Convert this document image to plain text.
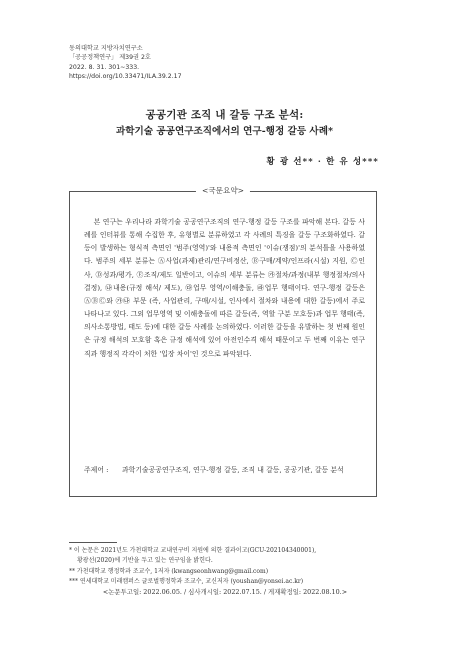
동의대학교 지방자치연구소
「공공정책연구」 제39권 2호
2022. 8. 31. 301∼333.
https://doi.org/10.33471/ILA.39.2.17
공공기관 조직 내 갈등 구조 분석:
과학기술 공공연구조직에서의 연구-행정 갈등 사례*
황 광 선** · 한 유 성***
<국문요약>

본 연구는 우리나라 과학기술 공공연구조직의 연구-행정 갈등 구조를 파악해 본다. 갈등 사례를 인터뷰를 통해 수집한 후, 유형별로 분류하였고 각 사례의 특징을 갈등 구조화하였다. 갈등이 발생하는 형식적 측면인 '범주(영역)'와 내용적 측면인 '이슈(쟁점)'의 분석틀을 사용하였다. 범주의 세부 분류는 Ⓐ사업(과제)관리/연구비정산, Ⓑ구매/계약/인프라(시설) 지원, Ⓒ인사, Ⓓ성과/평가, Ⓔ조직/제도 일반이고, 이슈의 세부 분류는 ㉮절차/과정(내부 행정절차/의사결정), ㉯내용(규정 해석/ 제도), ㉰업무 영역/이해충돌, ㉱업무 행태이다. 연구-행정 갈등은 ⒶⒷⒸ와 ㉮㉯ 부문 (즉, 사업관리, 구매/시설, 인사에서 절차와 내용에 대한 갈등)에서 주로 나타나고 있다. 그외 업무영역 및 이해충돌에 따른 갈등(즉, 역할 구분 모호등)과 업무 행태(즉, 의사소통방법, 태도 등)에 대한 갈등 사례를 논의하였다. 이러한 갈등을 유발하는 첫 번째 원인은 규정 해석의 모호함 혹은 규정 해석에 있어 아전인수격 해석 때문이고 두 번째 이유는 연구직과 행정직 각각이 처한 '입장 차이'인 것으로 파악된다.

주제어 : 과학기술공공연구조직, 연구-행정 갈등, 조직 내 갈등, 공공기관, 갈등 분석
* 이 논문은 2021년도 가천대학교 교내연구비 지원에 의한 결과이고(GCU-202104340001),
황광선(2020)에 기반을 두고 있는 연구임을 밝힌다.
** 가천대학교 행정학과 조교수, 1저자 (kwangseonhwang@gmail.com)
*** 연세대학교 미래캠퍼스 글로벌행정학과 조교수, 교신저자 (youshan@yonsei.ac.kr)
<논문투고일: 2022.06.05. / 심사개시일: 2022.07.15. / 게재확정일: 2022.08.10.>
